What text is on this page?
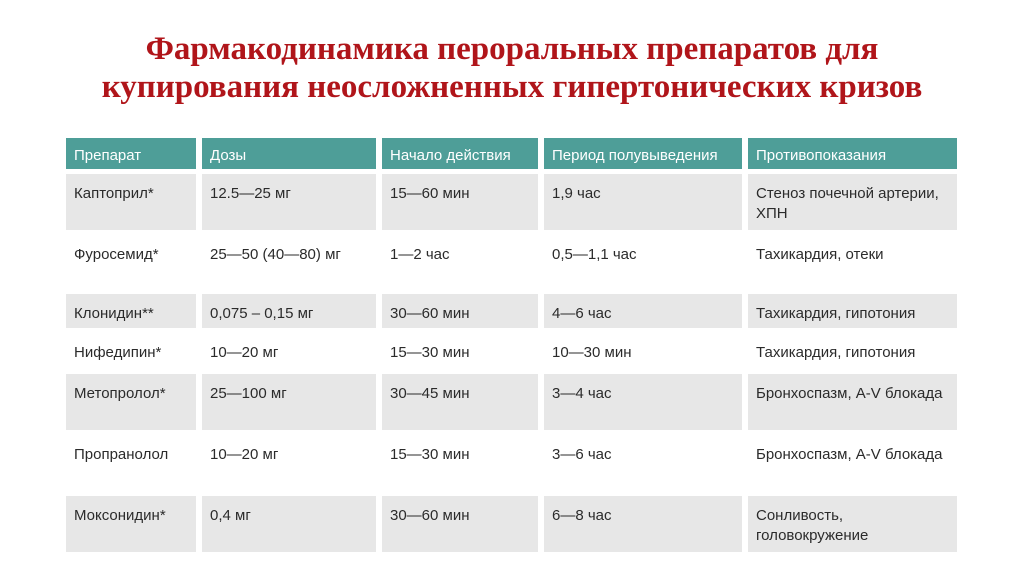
Фармакодинамика пероральных препаратов для
купирования неосложненных гипертонических кризов
Препарат	Дозы	Начало действия	Период полувыведения	Противопоказания
Каптоприл*	12.5—25 мг	15—60 мин	1,9 час	Стеноз почечной артерии, ХПН
Фуросемид*	25—50 (40—80) мг	1—2 час	0,5—1,1 час	Тахикардия, отеки
Клонидин**	0,075 – 0,15 мг	30—60 мин	4—6 час	Тахикардия, гипотония
Нифедипин*	10—20 мг	15—30 мин	10—30 мин	Тахикардия, гипотония
Метопролол*	25—100 мг	30—45 мин	3—4 час	Бронхоспазм, A-V блокада
Пропранолол	10—20 мг	15—30 мин	3—6 час	Бронхоспазм, A-V блокада
Моксонидин*	0,4 мг	30—60 мин	6—8 час	Сонливость, головокружение
